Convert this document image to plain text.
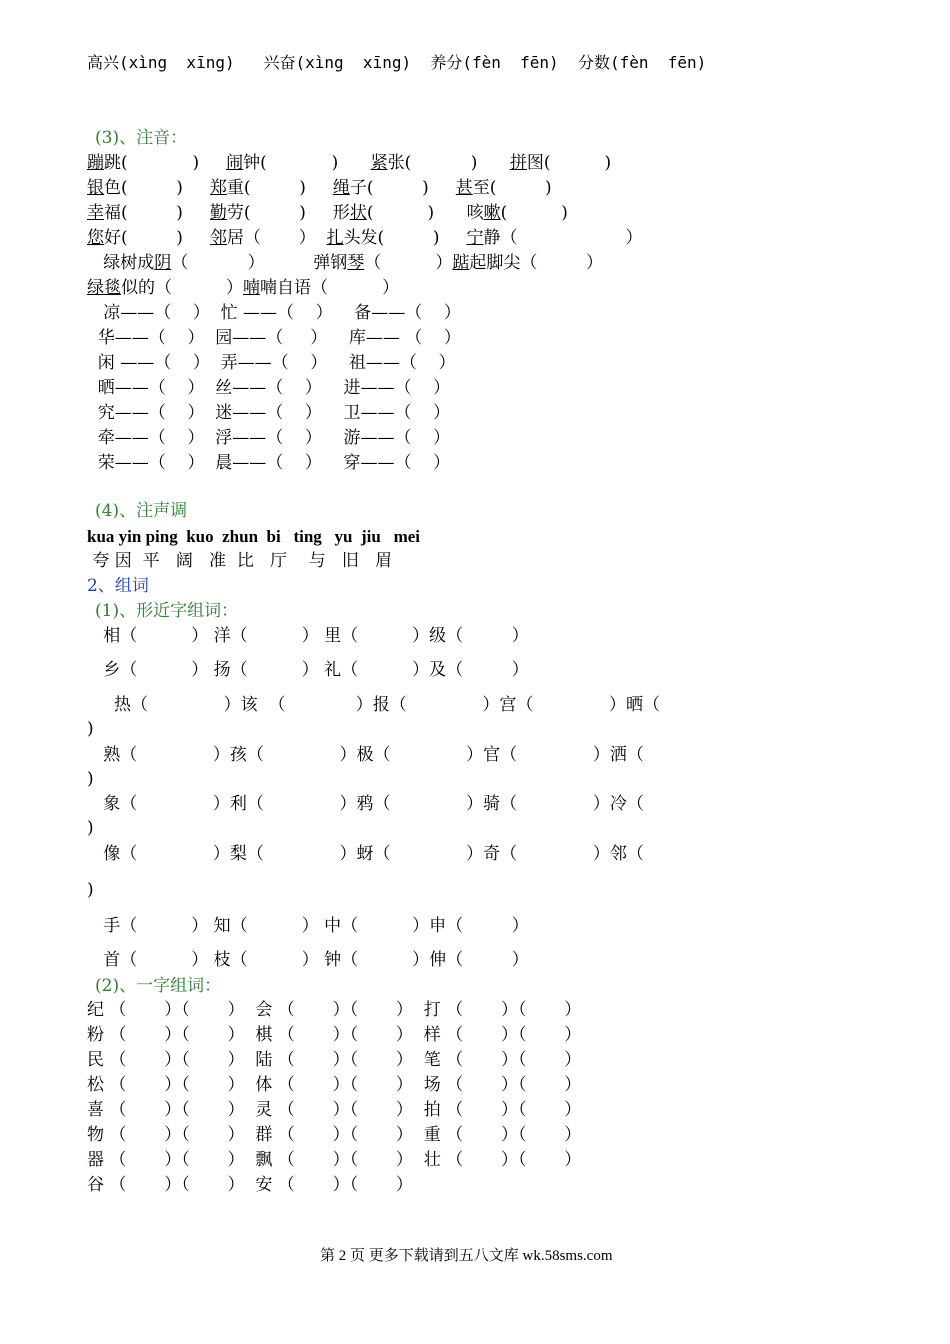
高兴(xìng  xīng)   兴奋(xìng  xīng)  养分(fèn  fēn)  分数(fèn  fēn)
(3)、注音：
蹦跳(            )     闹钟(            )      紧张(           )      拼图(          )
银色(         )     郑重(         )     绳子(         )     甚至(         )
幸福(         )     勤劳(         )     形状(          )      咳嗽(          )
您好(         )     邻居（       ）  扎头发(         )     宁静（                    ）
绿树成阴（           ）         弹钢琴（          ）踮起脚尖（         ）
绿毯似的（          ）喃喃自语（          ）
凉——（    ）  忙 ——（    ）    备——（    ）
华——（    ）  园——（     ）    库—— （    ）
闲 ——（    ）  弄——（    ）    祖——（    ）
晒——（    ）  丝——（    ）    进——（    ）
究——（    ）  迷——（    ）    卫——（    ）
牵——（    ）  浮——（    ）    游——（    ）
荣——（    ）  晨——（    ）    穿——（    ）
(4)、注声调
kua yin ping  kuo  zhun  bi   ting   yu  jiu   mei
夸 因  平   阔   准  比   厅    与   旧   眉
2、组词
(1)、形近字组词：
相（          ） 洋（          ） 里（          ）级（         ）
乡（          ） 扬（          ） 礼（          ）及（         ）
热（              ）该  （             ）报（              ）宫（              ）晒（
)
熟（              ）孩（              ）极（              ）官（              ）洒（
)
象（              ）利（              ）鸦（              ）骑（              ）冷（
)
像（              ）梨（              ）蚜（              ）奇（              ）邻（
)
手（          ） 知（          ） 中（          ）申（         ）
首（          ） 枝（          ） 钟（          ）伸（         ）
(2)、一字组词：
纪 （       ）（       ）  会 （       ）（       ）  打 （       ）（       ）
粉 （       ）（       ）  棋 （       ）（       ）  样 （       ）（       ）
民 （       ）（       ）  陆 （       ）（       ）  笔 （       ）（       ）
松 （       ）（       ）  体 （       ）（       ）  场 （       ）（       ）
喜 （       ）（       ）  灵 （       ）（       ）  拍 （       ）（       ）
物 （       ）（       ）  群 （       ）（       ）  重 （       ）（       ）
器 （       ）（       ）  飘 （       ）（       ）  壮 （       ）（       ）
谷 （       ）（       ）  安 （       ）（       ）
第 2 页 更多下载请到五八文库 wk.58sms.com
